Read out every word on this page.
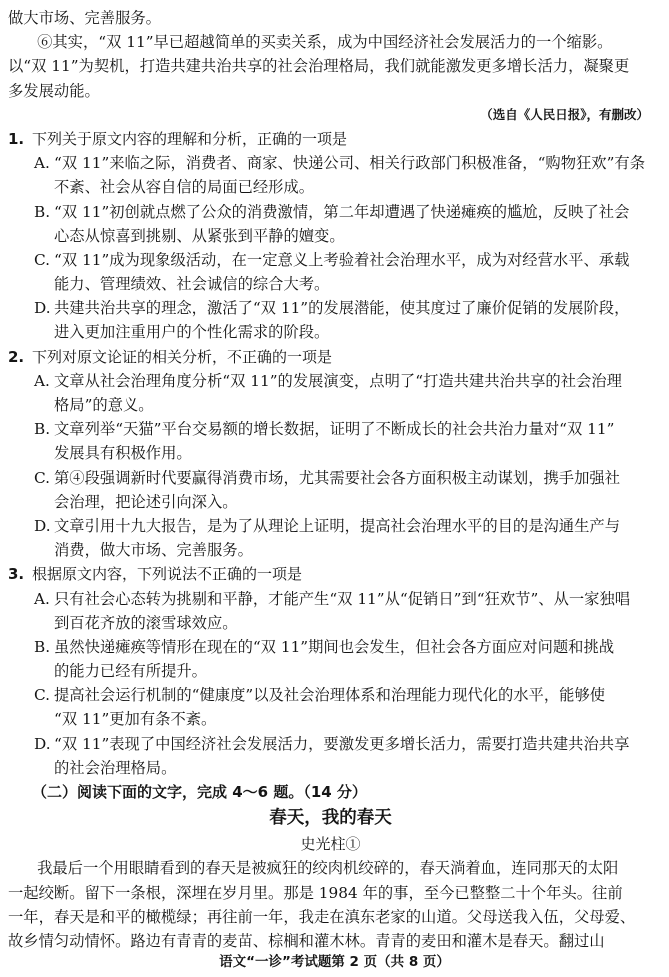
做大市场、完善服务。
⑥其实，“双 11”早已超越简单的买卖关系，成为中国经济社会发展活力的一个缩影。
以“双 11”为契机，打造共建共治共享的社会治理格局，我们就能激发更多增长活力，凝聚更
多发展动能。
（选自《人民日报》，有删改）
1. 下列关于原文内容的理解和分析，正确的一项是
A. “双 11”来临之际，消费者、商家、快递公司、相关行政部门积极准备，“购物狂欢”有条
不紊、社会从容自信的局面已经形成。
B. “双 11”初创就点燃了公众的消费激情，第二年却遭遇了快递瘫痪的尴尬，反映了社会
心态从惊喜到挑剔、从紧张到平静的嬗变。
C. “双 11”成为现象级活动，在一定意义上考验着社会治理水平，成为对经营水平、承载
能力、管理绩效、社会诚信的综合大考。
D. 共建共治共享的理念，激活了“双 11”的发展潜能，使其度过了廉价促销的发展阶段，
进入更加注重用户的个性化需求的阶段。
2. 下列对原文论证的相关分析，不正确的一项是
A. 文章从社会治理角度分析“双 11”的发展演变，点明了“打造共建共治共享的社会治理
格局”的意义。
B. 文章列举“天猫”平台交易额的增长数据，证明了不断成长的社会共治力量对“双 11”
发展具有积极作用。
C. 第④段强调新时代要赢得消费市场，尤其需要社会各方面积极主动谋划，携手加强社
会治理，把论述引向深入。
D. 文章引用十九大报告，是为了从理论上证明，提高社会治理水平的目的是沟通生产与
消费，做大市场、完善服务。
3. 根据原文内容，下列说法不正确的一项是
A. 只有社会心态转为挑剔和平静，才能产生“双 11”从“促销日”到“狂欢节”、从一家独唱
到百花齐放的滚雪球效应。
B. 虽然快递瘫痪等情形在现在的“双 11”期间也会发生，但社会各方面应对问题和挑战
的能力已经有所提升。
C. 提高社会运行机制的“健康度”以及社会治理体系和治理能力现代化的水平，能够使
“双 11”更加有条不紊。
D. “双 11”表现了中国经济社会发展活力，要激发更多增长活力，需要打造共建共治共享
的社会治理格局。
（二）阅读下面的文字，完成 4～6 题。（14 分）
春天，我的春天
史光柱①
我最后一个用眼睛看到的春天是被疯狂的绞肉机绞碎的，春天淌着血，连同那天的太阳
一起绞断。留下一条根，深埋在岁月里。那是 1984 年的事，至今已整整二十个年头。往前
一年，春天是和平的橄榄绿；再往前一年，我走在滇东老家的山道。父母送我入伍，父母爱、
故乡情匀动情怀。路边有青青的麦苗、棕榈和灌木林。青青的麦田和灌木是春天。翻过山
语文“一诊”考试题第 2 页（共 8 页）
